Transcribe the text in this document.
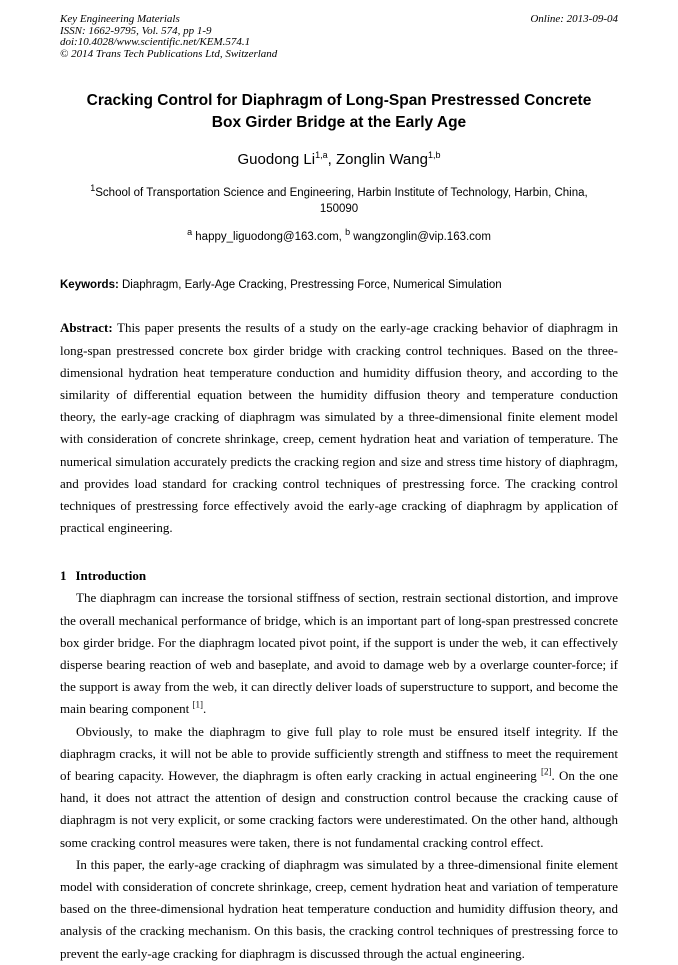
Key Engineering Materials
ISSN: 1662-9795, Vol. 574, pp 1-9
doi:10.4028/www.scientific.net/KEM.574.1
© 2014 Trans Tech Publications Ltd, Switzerland
Online: 2013-09-04
Cracking Control for Diaphragm of Long-Span Prestressed Concrete
Box Girder Bridge at the Early Age
Guodong Li$^{1,a}$, Zonglin Wang$^{1,b}$
$^1$School of Transportation Science and Engineering, Harbin Institute of Technology, Harbin, China,
150090
$^a$ happy_liguodong@163.com, $^b$ wangzonglin@vip.163.com
Keywords: Diaphragm, Early-Age Cracking, Prestressing Force, Numerical Simulation
Abstract: This paper presents the results of a study on the early-age cracking behavior of diaphragm in long-span prestressed concrete box girder bridge with cracking control techniques. Based on the three-dimensional hydration heat temperature conduction and humidity diffusion theory, and according to the similarity of differential equation between the humidity diffusion theory and temperature conduction theory, the early-age cracking of diaphragm was simulated by a three-dimensional finite element model with consideration of concrete shrinkage, creep, cement hydration heat and variation of temperature. The numerical simulation accurately predicts the cracking region and size and stress time history of diaphragm, and provides load standard for cracking control techniques of prestressing force. The cracking control techniques of prestressing force effectively avoid the early-age cracking of diaphragm by application of practical engineering.
1 Introduction

The diaphragm can increase the torsional stiffness of section, restrain sectional distortion, and improve the overall mechanical performance of bridge, which is an important part of long-span prestressed concrete box girder bridge. For the diaphragm located pivot point, if the support is under the web, it can effectively disperse bearing reaction of web and baseplate, and avoid to damage web by a overlarge counter-force; if the support is away from the web, it can directly deliver loads of superstructure to support, and become the main bearing component [1].

Obviously, to make the diaphragm to give full play to role must be ensured itself integrity. If the diaphragm cracks, it will not be able to provide sufficiently strength and stiffness to meet the requirement of bearing capacity. However, the diaphragm is often early cracking in actual engineering [2]. On the one hand, it does not attract the attention of design and construction control because the cracking cause of diaphragm is not very explicit, or some cracking factors were underestimated. On the other hand, although some cracking control measures were taken, there is not fundamental cracking control effect.

In this paper, the early-age cracking of diaphragm was simulated by a three-dimensional finite element model with consideration of concrete shrinkage, creep, cement hydration heat and variation of temperature based on the three-dimensional hydration heat temperature conduction and humidity diffusion theory, and analysis of the cracking mechanism. On this basis, the cracking control techniques of prestressing force to prevent the early-age cracking for diaphragm is discussed through the actual engineering.
